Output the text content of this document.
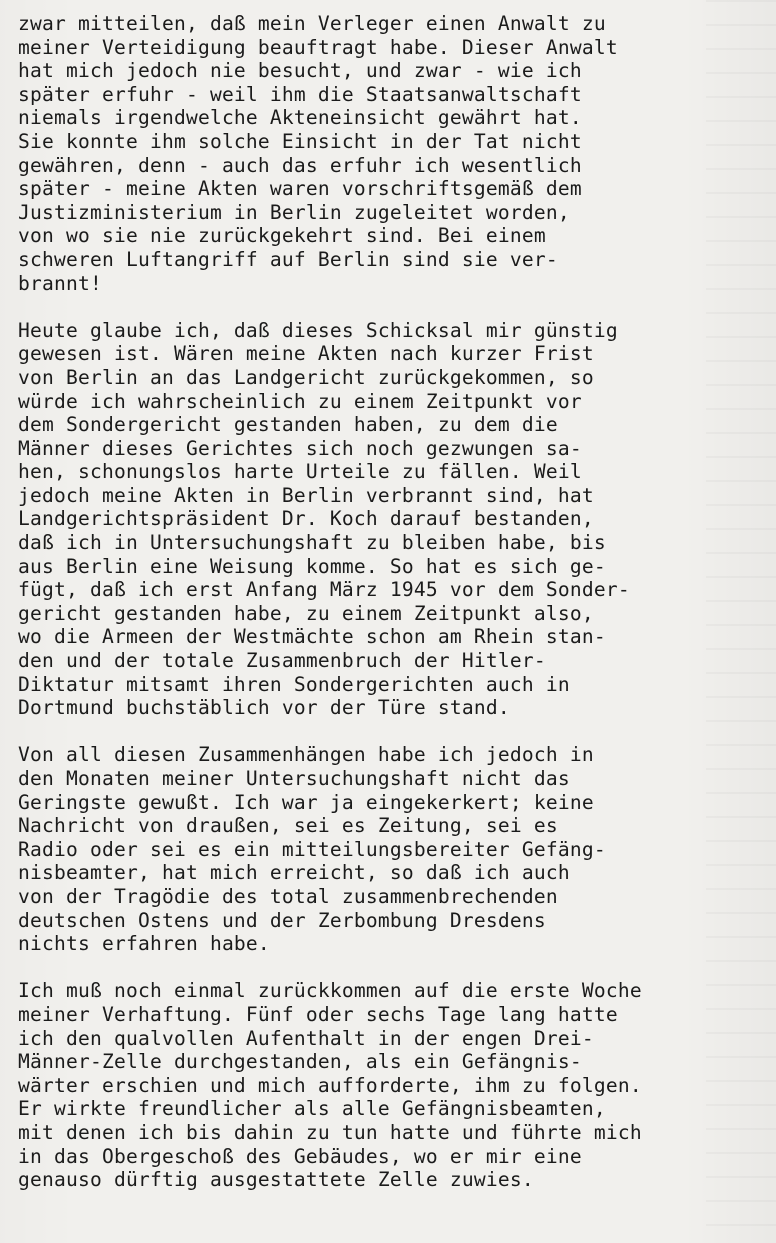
zwar mitteilen, daß mein Verleger einen Anwalt zu
meiner Verteidigung beauftragt habe. Dieser Anwalt
hat mich jedoch nie besucht, und zwar - wie ich
später erfuhr - weil ihm die Staatsanwaltschaft
niemals irgendwelche Akteneinsicht gewährt hat.
Sie konnte ihm solche Einsicht in der Tat nicht
gewähren, denn - auch das erfuhr ich wesentlich
später - meine Akten waren vorschriftsgemäß dem
Justizministerium in Berlin zugeleitet worden,
von wo sie nie zurückgekehrt sind. Bei einem
schweren Luftangriff auf Berlin sind sie ver-
brannt!
Heute glaube ich, daß dieses Schicksal mir günstig
gewesen ist. Wären meine Akten nach kurzer Frist
von Berlin an das Landgericht zurückgekommen, so
würde ich wahrscheinlich zu einem Zeitpunkt vor
dem Sondergericht gestanden haben, zu dem die
Männer dieses Gerichtes sich noch gezwungen sa-
hen, schonungslos harte Urteile zu fällen. Weil
jedoch meine Akten in Berlin verbrannt sind, hat
Landgerichtspräsident Dr. Koch darauf bestanden,
daß ich in Untersuchungshaft zu bleiben habe, bis
aus Berlin eine Weisung komme. So hat es sich ge-
fügt, daß ich erst Anfang März 1945 vor dem Sonder-
gericht gestanden habe, zu einem Zeitpunkt also,
wo die Armeen der Westmächte schon am Rhein stan-
den und der totale Zusammenbruch der Hitler-
Diktatur mitsamt ihren Sondergerichten auch in
Dortmund buchstäblich vor der Türe stand.
Von all diesen Zusammenhängen habe ich jedoch in
den Monaten meiner Untersuchungshaft nicht das
Geringste gewußt. Ich war ja eingekerkert; keine
Nachricht von draußen, sei es Zeitung, sei es
Radio oder sei es ein mitteilungsbereiter Gefäng-
nisbeamter, hat mich erreicht, so daß ich auch
von der Tragödie des total zusammenbrechenden
deutschen Ostens und der Zerbombung Dresdens
nichts erfahren habe.
Ich muß noch einmal zurückkommen auf die erste Woche
meiner Verhaftung. Fünf oder sechs Tage lang hatte
ich den qualvollen Aufenthalt in der engen Drei-
Männer-Zelle durchgestanden, als ein Gefängnis-
wärter erschien und mich aufforderte, ihm zu folgen.
Er wirkte freundlicher als alle Gefängnisbeamten,
mit denen ich bis dahin zu tun hatte und führte mich
in das Obergeschoß des Gebäudes, wo er mir eine
genauso dürftig ausgestattete Zelle zuwies.
